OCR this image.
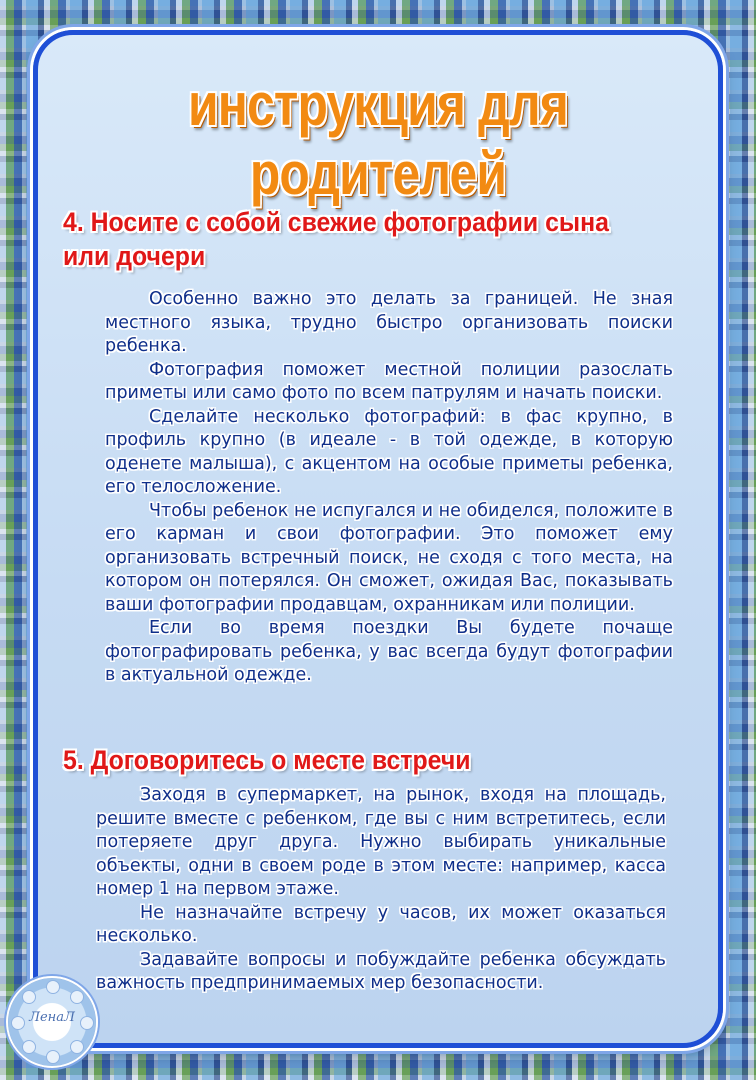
инструкция для родителей
4. Носите с собой свежие фотографии сына или дочери

Особенно важно это делать за границей. Не зная местного языка, трудно быстро организовать поиски ребенка.

Фотография поможет местной полиции разослать приметы или само фото по всем патрулям и начать поиски.

Сделайте несколько фотографий: в фас крупно, в профиль крупно (в идеале - в той одежде, в которую оденете малыша), с акцентом на особые приметы ребенка, его телосложение.

Чтобы ребенок не испугался и не обиделся, положите в его карман и свои фотографии. Это поможет ему организовать встречный поиск, не сходя с того места, на котором он потерялся. Он сможет, ожидая Вас, показывать ваши фотографии продавцам, охранникам или полиции.

Если во время поездки Вы будете почаще фотографировать ребенка, у вас всегда будут фотографии в актуальной одежде.

5. Договоритесь о месте встречи

Заходя в супермаркет, на рынок, входя на площадь, решите вместе с ребенком, где вы с ним встретитесь, если потеряете друг друга. Нужно выбирать уникальные объекты, одни в своем роде в этом месте: например, касса номер 1 на первом этаже.

Не назначайте встречу у часов, их может оказаться несколько.

Задавайте вопросы и побуждайте ребенка обсуждать важность предпринимаемых мер безопасности.

ЛенаЛ
